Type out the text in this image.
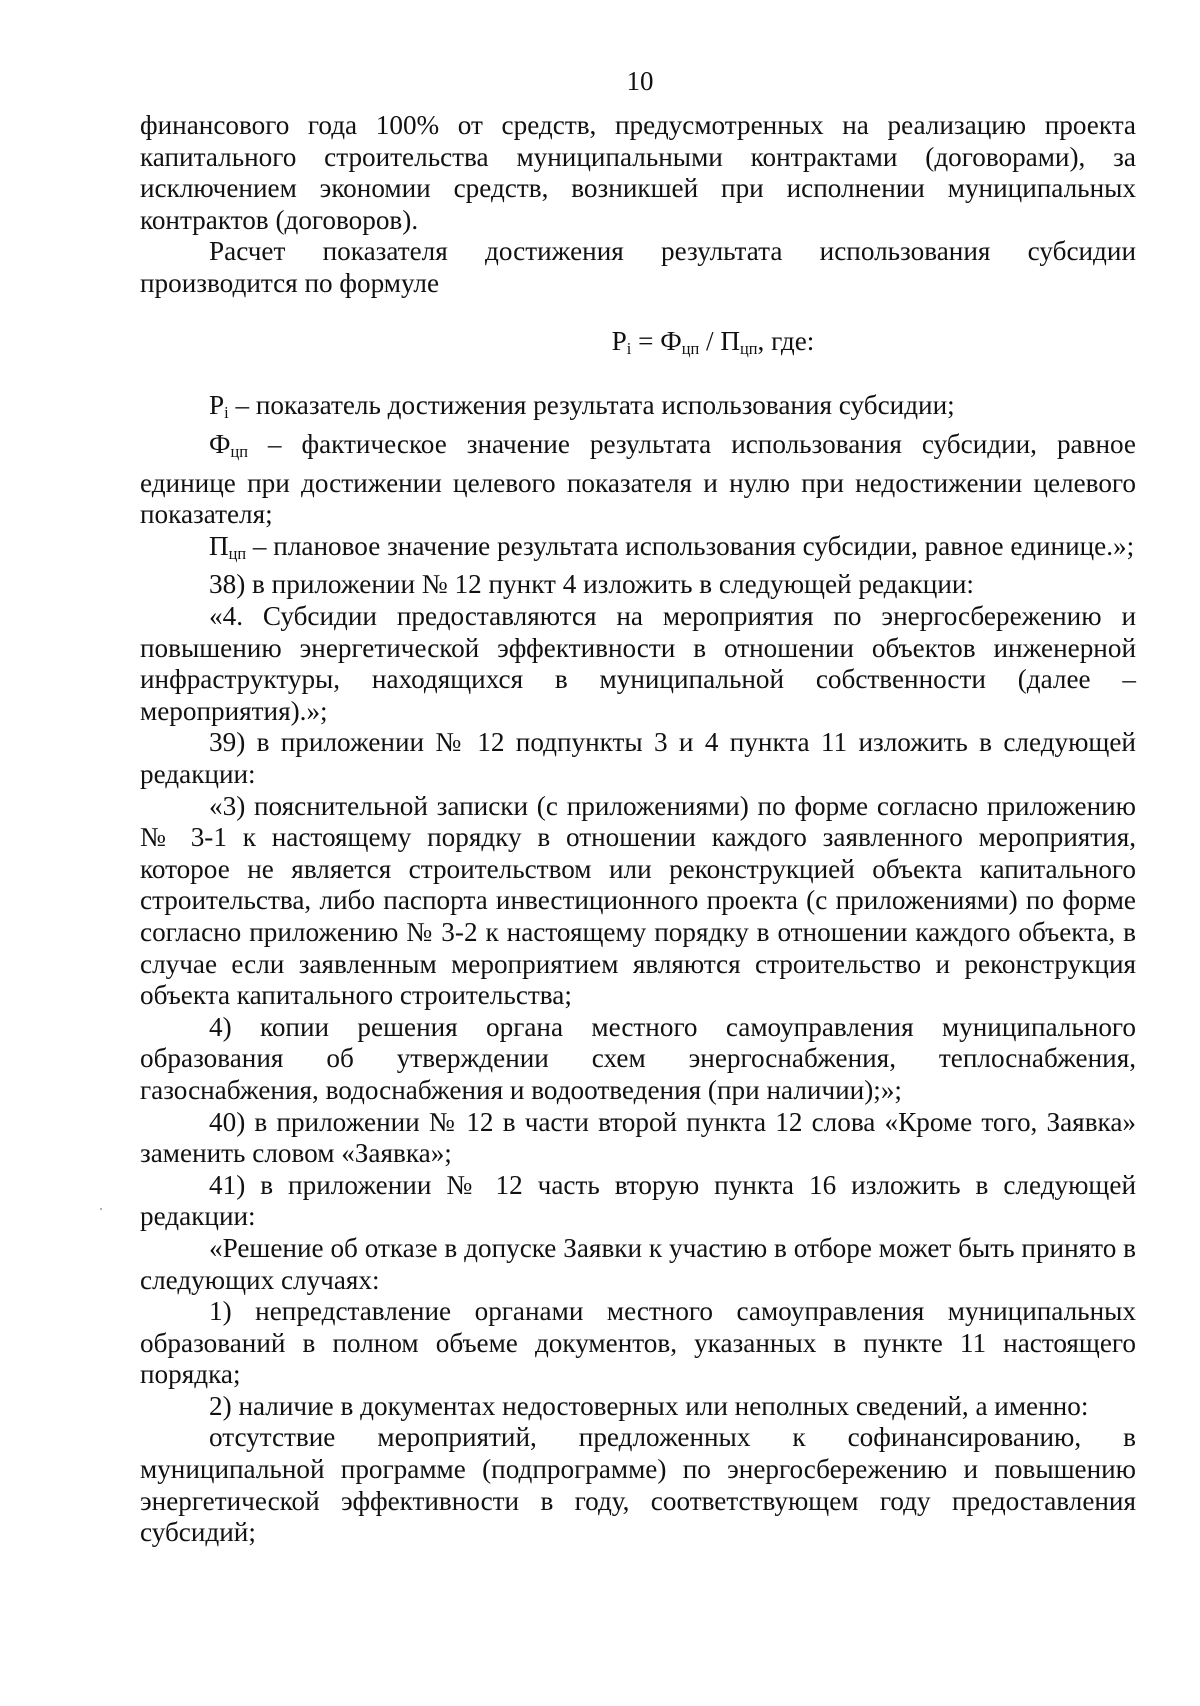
10

финансового года 100% от средств, предусмотренных на реализацию проекта капитального строительства муниципальными контрактами (договорами), за исключением экономии средств, возникшей при исполнении муниципальных контрактов (договоров).

Расчет показателя достижения результата использования субсидии производится по формуле

$P_i = Ф_{цп} / П_{цп}$, где:

$P_i$ – показатель достижения результата использования субсидии;

$Ф_{цп}$ – фактическое значение результата использования субсидии, равное единице при достижении целевого показателя и нулю при недостижении целевого показателя;

$П_{цп}$ – плановое значение результата использования субсидии, равное единице.»;

38) в приложении № 12 пункт 4 изложить в следующей редакции:

«4. Субсидии предоставляются на мероприятия по энергосбережению и повышению энергетической эффективности в отношении объектов инженерной инфраструктуры, находящихся в муниципальной собственности (далее – мероприятия).»;

39) в приложении № 12 подпункты 3 и 4 пункта 11 изложить в следующей редакции:

«3) пояснительной записки (с приложениями) по форме согласно приложению № 3-1 к настоящему порядку в отношении каждого заявленного мероприятия, которое не является строительством или реконструкцией объекта капитального строительства, либо паспорта инвестиционного проекта (с приложениями) по форме согласно приложению № 3-2 к настоящему порядку в отношении каждого объекта, в случае если заявленным мероприятием являются строительство и реконструкция объекта капитального строительства;

4) копии решения органа местного самоуправления муниципального образования об утверждении схем энергоснабжения, теплоснабжения, газоснабжения, водоснабжения и водоотведения (при наличии);»;

40) в приложении № 12 в части второй пункта 12 слова «Кроме того, Заявка» заменить словом «Заявка»;

41) в приложении № 12 часть вторую пункта 16 изложить в следующей редакции:

«Решение об отказе в допуске Заявки к участию в отборе может быть принято в следующих случаях:

1) непредставление органами местного самоуправления муниципальных образований в полном объеме документов, указанных в пункте 11 настоящего порядка;

2) наличие в документах недостоверных или неполных сведений, а именно:

отсутствие мероприятий, предложенных к софинансированию, в муниципальной программе (подпрограмме) по энергосбережению и повышению энергетической эффективности в году, соответствующем году предоставления субсидий;
